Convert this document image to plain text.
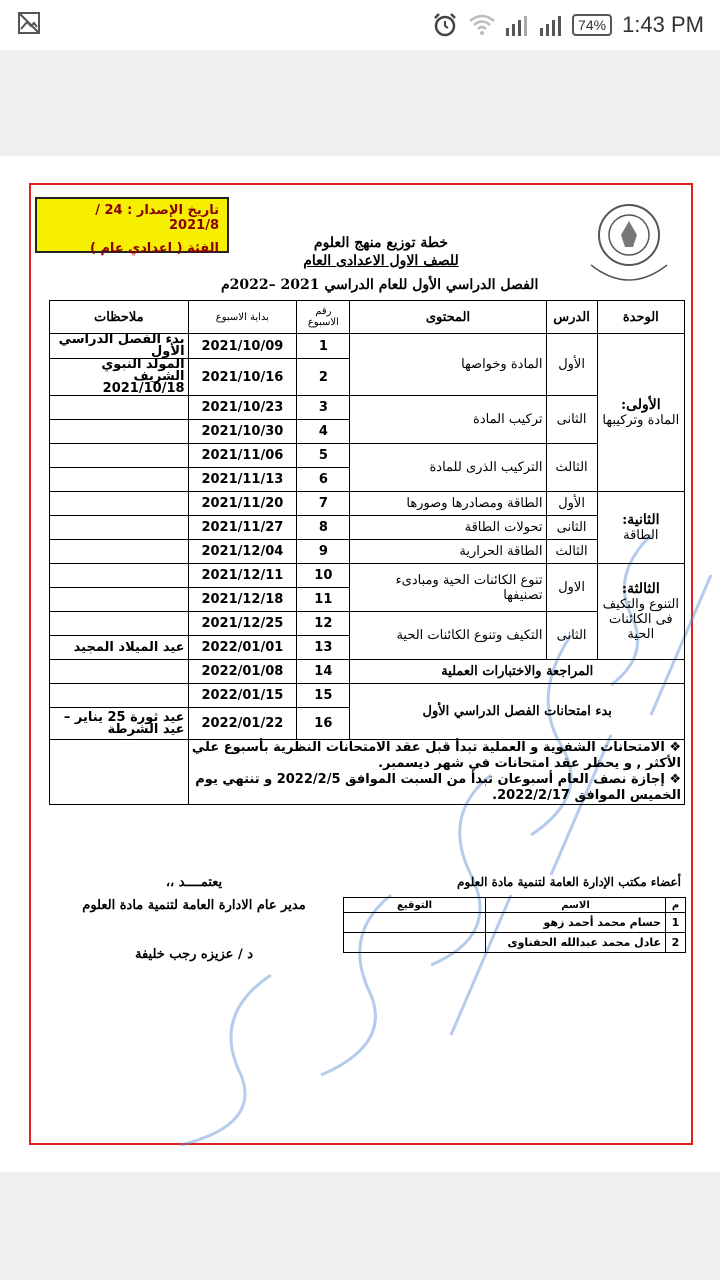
74% 1:43 PM
تاريخ الإصدار : 24 / 2021/8
الفئة ( اعدادي عام )	خطة توزيع منهج العلوم
للصف الاول الاعدادى العام
الفصل الدراسي الأول للعام الدراسي 2021 –2022م
الوحدة	الدرس	المحتوى	رقم الاسبوع	بداية الاسبوع	ملاحظات

الأولى:
المادة وتركيبها	الأول	المادة وخواصها	1	2021/10/09	بدء الفصل الدراسي الأول
			2	2021/10/16	المولد النبوي الشريف 2021/10/18
	الثانى	تركيب المادة	3	2021/10/23	
			4	2021/10/30	
	الثالث	التركيب الذرى للمادة	5	2021/11/06	
			6	2021/11/13	

الثانية:
الطاقة	الأول	الطاقة ومصادرها وصورها	7	2021/11/20	
	الثانى	تحولات الطاقة	8	2021/11/27	
	الثالث	الطاقة الحرارية	9	2021/12/04	

الثالثة:
التنوع والتكيف فى الكائنات الحية	الاول	تنوع الكائنات الحية ومبادىء تصنيفها	10	2021/12/11	
			11	2021/12/18	
	الثانى	التكيف وتنوع الكائنات الحية	12	2021/12/25	
			13	2022/01/01	عيد الميلاد المجيد
المراجعة والاختبارات العملية			14	2022/01/08	
بدء امتحانات الفصل الدراسي الأول			15	2022/01/15	
			16	2022/01/22	عيد ثورة 25 يناير – عيد الشرطة

❖ الامتحانات الشفوية و العملية تبدأ قبل عقد الامتحانات النظرية بأسبوع علي الأكثر , و يحظر عقد امتحانات في شهر ديسمبر.
❖ إجازة نصف العام أسبوعان تبدأ من السبت الموافق 2022/2/5 و تنتهي يوم الخميس الموافق 2022/2/17.					

يعتمــــد ،،
مدير عام الادارة العامة لتنمية مادة العلوم
د / عزيزه رجب خليفة
أعضاء مكتب الإدارة العامة لتنمية مادة العلوم
م	الاسم	التوقيع
1	حسام محمد أحمد زهو	
2	عادل محمد عبدالله الحفناوى	
